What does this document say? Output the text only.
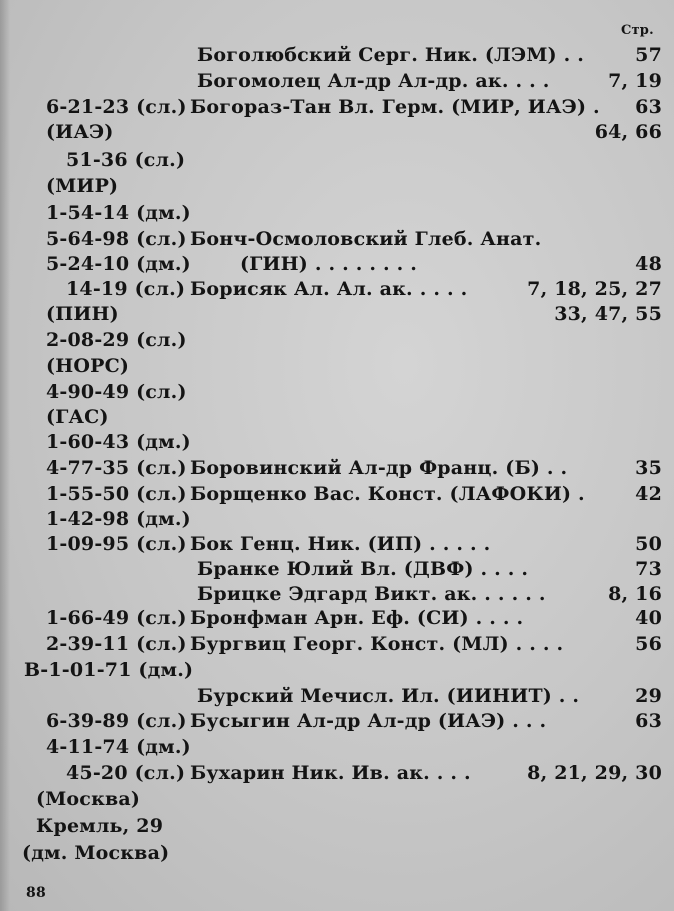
Стр.
6-21-23 (сл.)
(ИАЭ)
51-36 (сл.)
(МИР)
1-54-14 (дм.)
5-64-98 (сл.)
5-24-10 (дм.)
14-19 (сл.)
(ПИН)
2-08-29 (сл.)
(НОРС)
4-90-49 (сл.)
(ГАС)
1-60-43 (дм.)
4-77-35 (сл.)
1-55-50 (сл.)
1-42-98 (дм.)
1-09-95 (сл.)
1-66-49 (сл.)
2-39-11 (сл.)
В-1-01-71 (дм.)
6-39-89 (сл.)
4-11-74 (дм.)
45-20 (сл.)
(Москва)
Кремль, 29
(дм. Москва)
Боголюбский Серг. Ник. (ЛЭМ) . .
Богомолец Ал-др Ал-др. ак. . . .
Богораз-Тан Вл. Герм. (МИР, ИАЭ) .
Бонч-Осмоловский Глеб. Анат.
(ГИН) . . . . . . . .
Борисяк Ал. Ал. ак. . . . .
Боровинский Ал-др Франц. (Б) . .
Борщенко Вас. Конст. (ЛАФОКИ) .
Бок Генц. Ник. (ИП) . . . . .
Бранке Юлий Вл. (ДВФ) . . . .
Брицке Эдгард Викт. ак. . . . . .
Бронфман Арн. Еф. (СИ) . . . .
Бургвиц Георг. Конст. (МЛ) . . . .
Бурский Мечисл. Ил. (ИИНИТ) . .
Бусыгин Ал-др Ал-др (ИАЭ) . . .
Бухарин Ник. Ив. ак. . . .
57
7, 19
63
64, 66
48
7, 18, 25, 27
33, 47, 55
35
42
50
73
8, 16
40
56
29
63
8, 21, 29, 30
88
